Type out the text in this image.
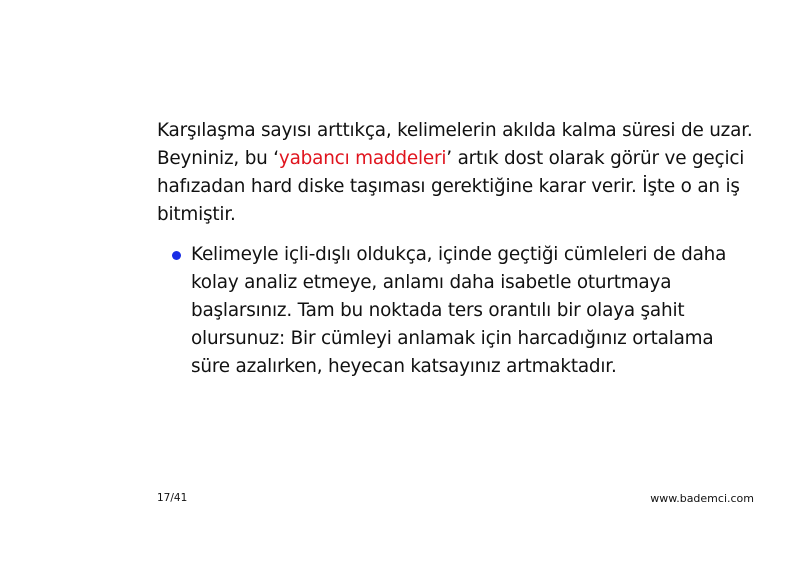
Karşılaşma sayısı arttıkça, kelimelerin akılda kalma süresi de uzar. Beyniniz, bu ‘yabancı maddeleri’ artık dost olarak görür ve geçici hafızadan hard diske taşıması gerektiğine karar verir. İşte o an iş bitmiştir.

Kelimeyle içli-dışlı oldukça, içinde geçtiği cümleleri de daha kolay analiz etmeye, anlamı daha isabetle oturtmaya başlarsınız. Tam bu noktada ters orantılı bir olaya şahit olursunuz: Bir cümleyi anlamak için harcadığınız ortalama süre azalırken, heyecan katsayınız artmaktadır.
17/41	www.bademci.com
